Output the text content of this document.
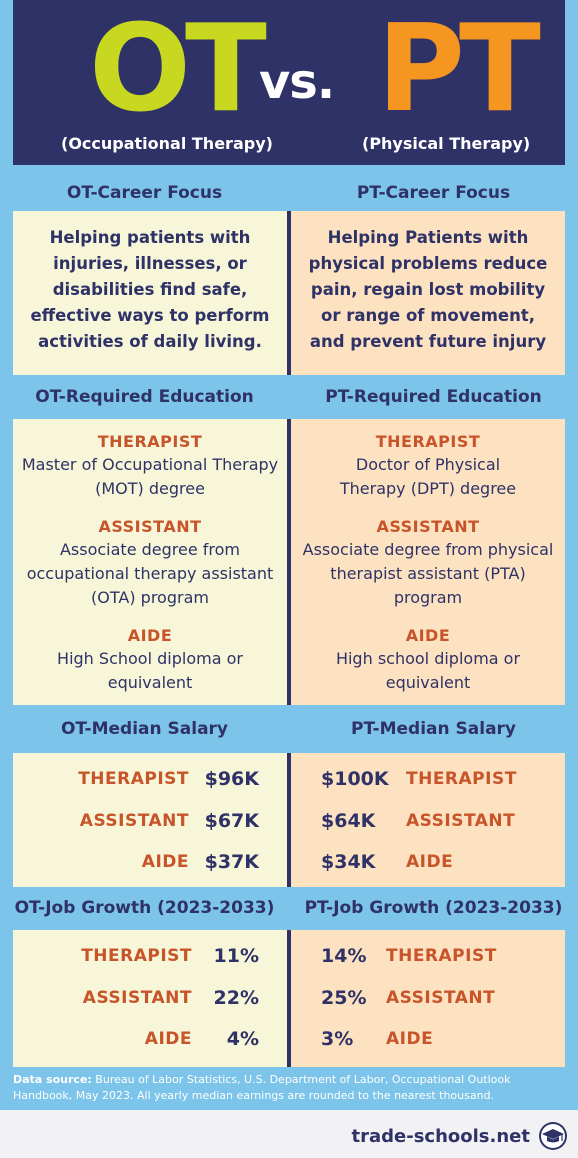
OT
vs. PT
(Occupational Therapy)	(Physical Therapy)
OT-Career Focus	PT-Career Focus
Helping patients with injuries, illnesses, or disabilities find safe, effective ways to perform activities of daily living.
Helping Patients with physical problems reduce pain, regain lost mobility or range of movement, and prevent future injury
OT-Required Education	PT-Required Education
THERAPIST
Master of Occupational Therapy (MOT) degree
ASSISTANT
Associate degree from occupational therapy assistant (OTA) program
AIDE
High School diploma or equivalent
THERAPIST
Doctor of Physical Therapy (DPT) degree
ASSISTANT
Associate degree from physical therapist assistant (PTA) program
AIDE
High school diploma or equivalent
OT-Median Salary	PT-Median Salary
THERAPIST $96K
ASSISTANT $67K
AIDE $37K
$100K THERAPIST
$64K ASSISTANT
$34K AIDE
OT-Job Growth (2023-2033)	PT-Job Growth (2023-2033)
THERAPIST 11%
ASSISTANT 22%
AIDE 4%
14% THERAPIST
25% ASSISTANT
3% AIDE
Data source: Bureau of Labor Statistics, U.S. Department of Labor, Occupational Outlook Handbook, May 2023. All yearly median earnings are rounded to the nearest thousand.
trade-schools.net
